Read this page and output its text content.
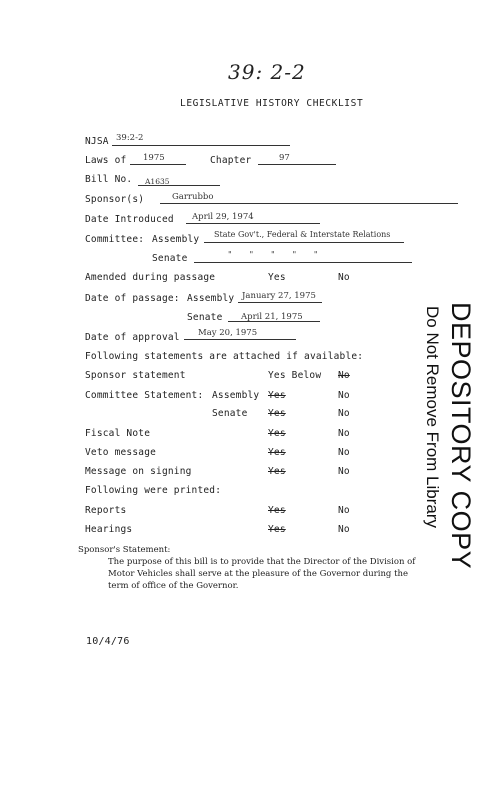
39: 2-2
LEGISLATIVE HISTORY CHECKLIST
NJSA 39:2-2
Laws of 1975	Chapter	97
Bill No. A1635
Sponsor(s)	Garrubbo
Date Introduced April 29, 1974
Committee: Assembly State Gov't., Federal & Interstate Relations
Senate	"       "       "       "       "
Amended during passage	Yes	No
Date of passage: Assembly January 27, 1975
Senate April 21, 1975
Date of approval May 20, 1975
Following statements are attached if available:
Sponsor statement	Yes Below No
Committee Statement: Assembly Yes	No
Senate Yes	No
Fiscal Note	Yes	No
Veto message	Yes	No
Message on signing	Yes	No
Following were printed:
Reports	Yes	No
Hearings	Yes	No
Sponsor's Statement:
The purpose of this bill is to provide that the Director of the Division of
Motor Vehicles shall serve at the pleasure of the Governor during the
term of office of the Governor.
10/4/76
DEPOSITORY COPY
Do Not Remove From Library
